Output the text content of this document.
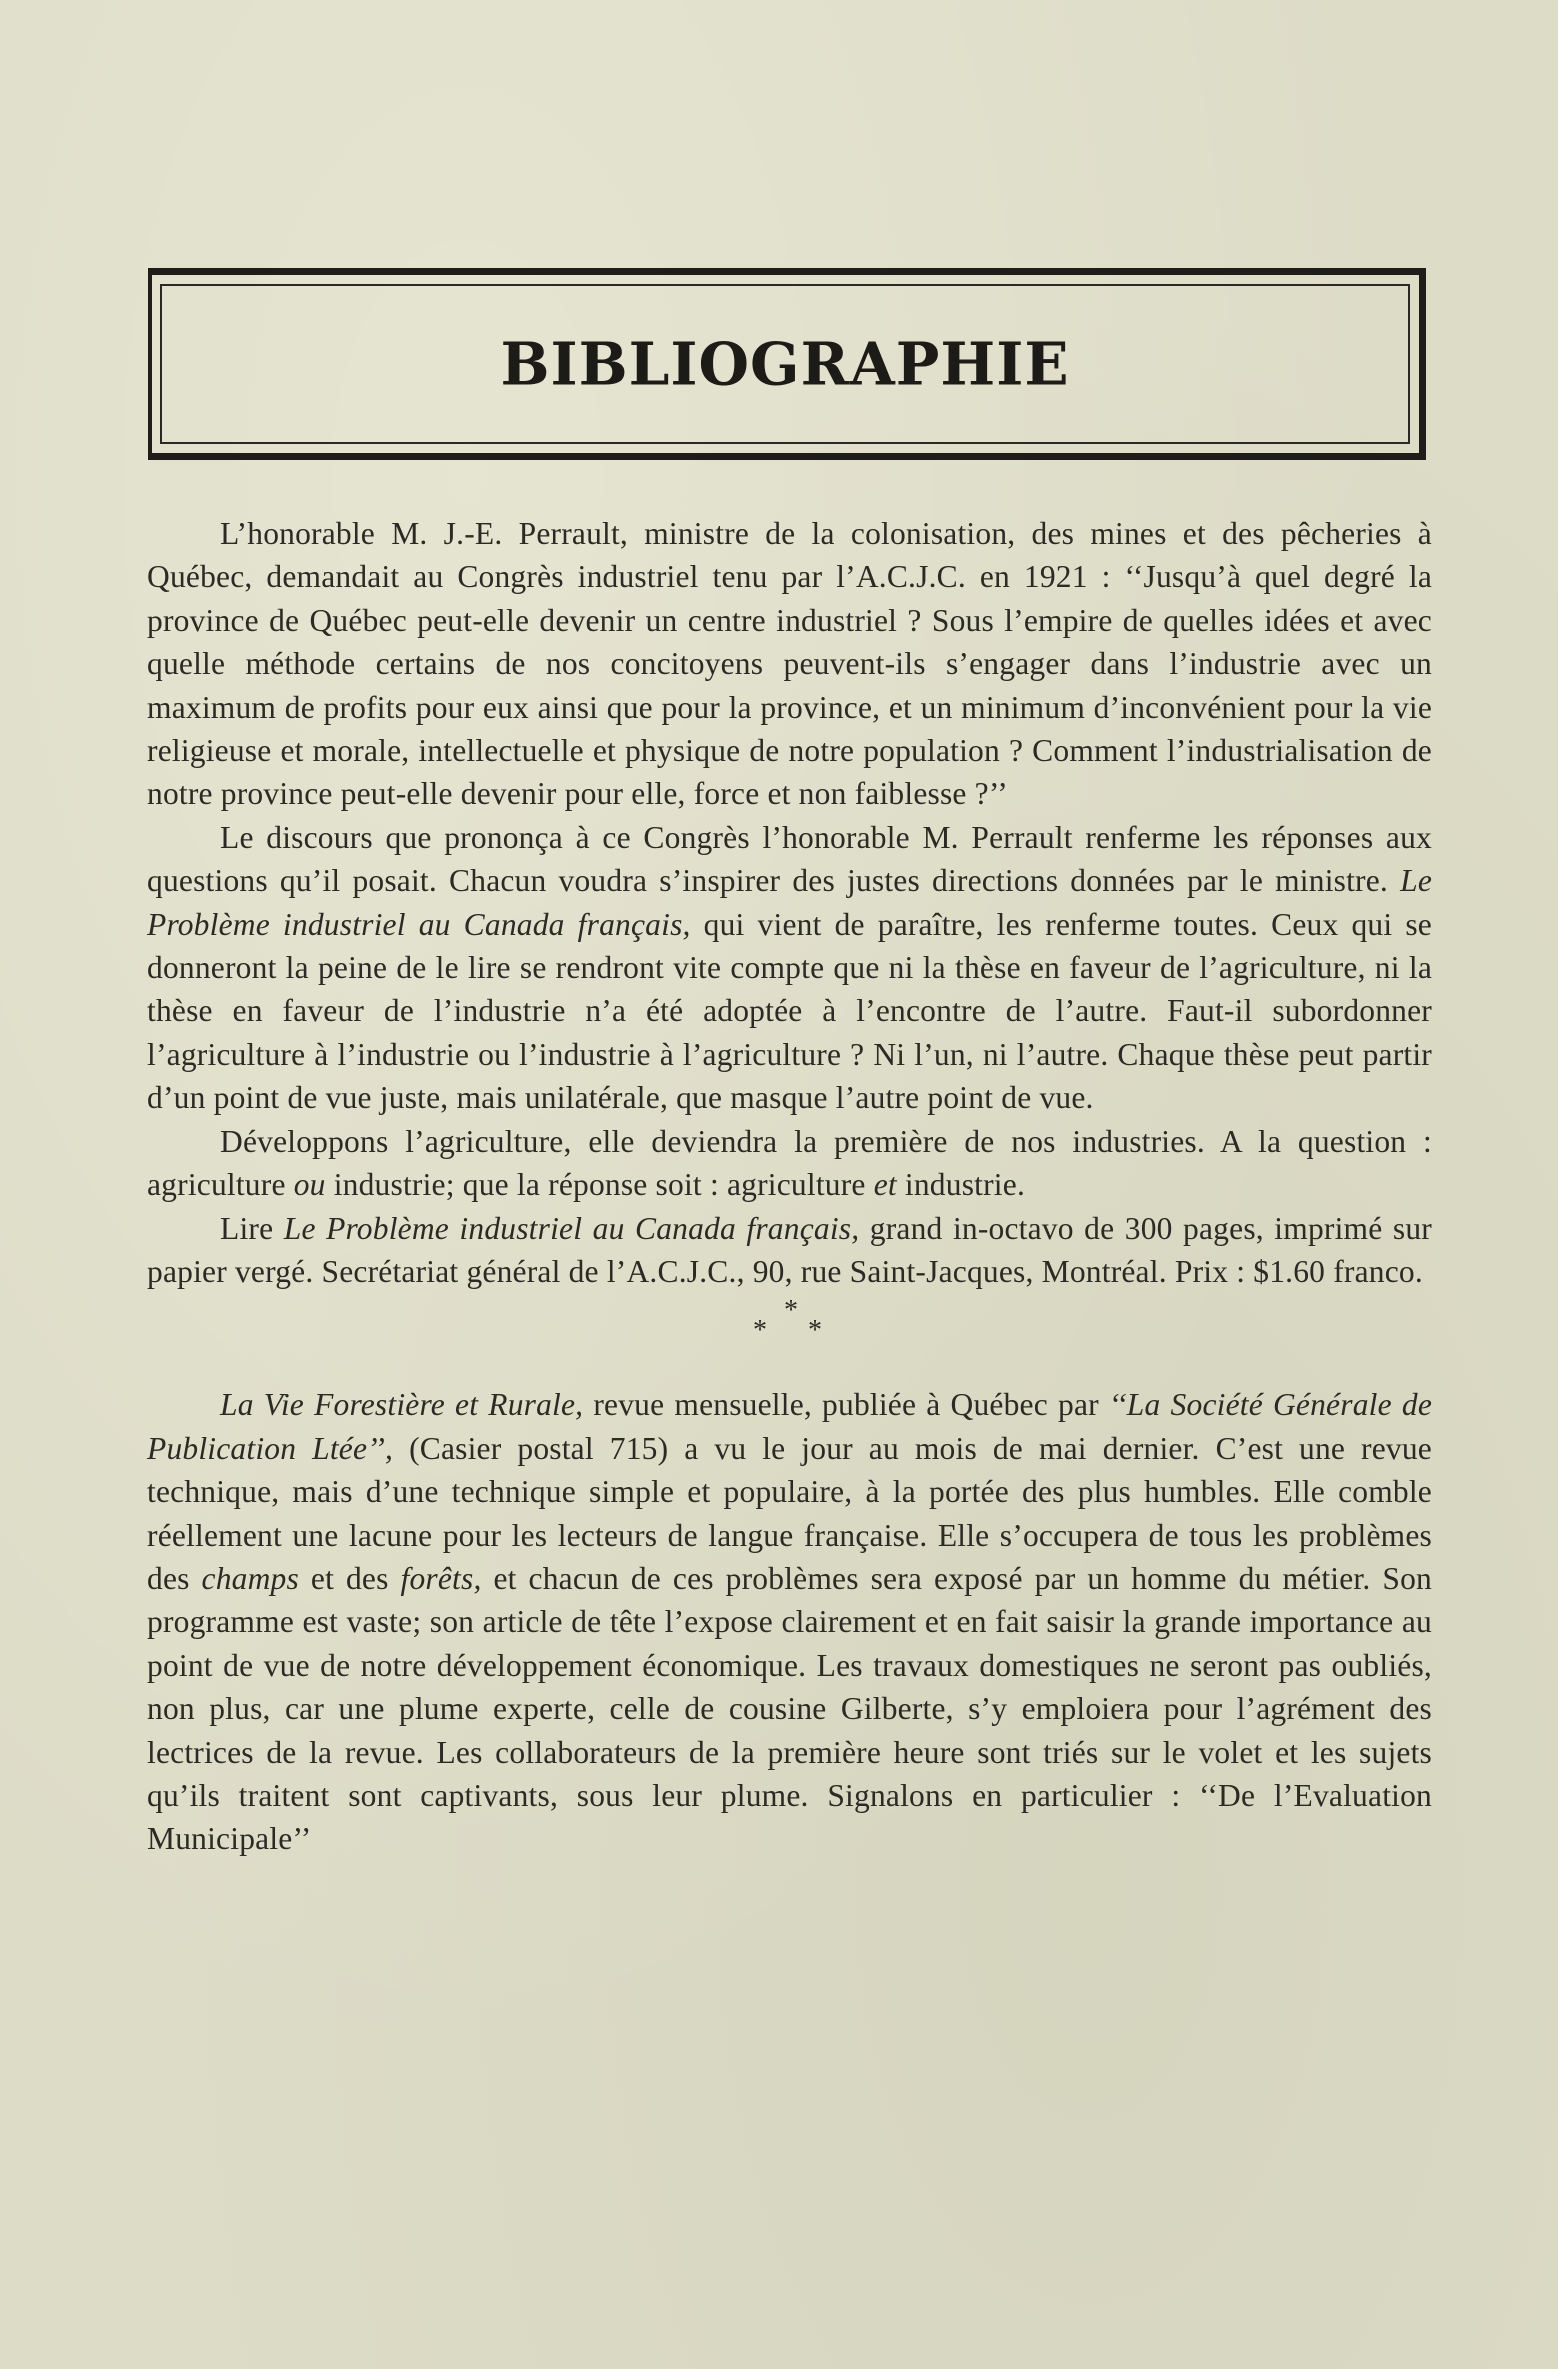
BIBLIOGRAPHIE

L’honorable M. J.-E. Perrault, ministre de la colonisation, des mines et des pêcheries à Québec, demandait au Congrès industriel tenu par l’A.C.J.C. en 1921 : ‘‘Jusqu’à quel degré la province de Québec peut-elle devenir un centre industriel ? Sous l’empire de quelles idées et avec quelle méthode certains de nos concitoyens peuvent-ils s’engager dans l’industrie avec un maximum de profits pour eux ainsi que pour la province, et un minimum d’inconvénient pour la vie religieuse et morale, intellectuelle et physique de notre population ? Comment l’industrialisation de notre province peut-elle devenir pour elle, force et non faiblesse ?’’

Le discours que prononça à ce Congrès l’honorable M. Perrault renferme les réponses aux questions qu’il posait. Chacun voudra s’inspirer des justes directions données par le ministre. Le Problème industriel au Canada français, qui vient de paraître, les renferme toutes. Ceux qui se donneront la peine de le lire se rendront vite compte que ni la thèse en faveur de l’agriculture, ni la thèse en faveur de l’industrie n’a été adoptée à l’encontre de l’autre. Faut-il subordonner l’agriculture à l’industrie ou l’industrie à l’agriculture ? Ni l’un, ni l’autre. Chaque thèse peut partir d’un point de vue juste, mais unilatérale, que masque l’autre point de vue.

Développons l’agriculture, elle deviendra la première de nos industries. A la question : agriculture ou industrie; que la réponse soit : agriculture et industrie.

Lire Le Problème industriel au Canada français, grand in-octavo de 300 pages, imprimé sur papier vergé. Secrétariat général de l’A.C.J.C., 90, rue Saint-Jacques, Montréal. Prix : $1.60 franco.

*
* *

La Vie Forestière et Rurale, revue mensuelle, publiée à Québec par ‘‘La Société Générale de Publication Ltée’’, (Casier postal 715) a vu le jour au mois de mai dernier. C’est une revue technique, mais d’une technique simple et populaire, à la portée des plus humbles. Elle comble réellement une lacune pour les lecteurs de langue française. Elle s’occupera de tous les problèmes des champs et des forêts, et chacun de ces problèmes sera exposé par un homme du métier. Son programme est vaste; son article de tête l’expose clairement et en fait saisir la grande importance au point de vue de notre développement économique. Les travaux domestiques ne seront pas oubliés, non plus, car une plume experte, celle de cousine Gilberte, s’y emploiera pour l’agrément des lectrices de la revue. Les collaborateurs de la première heure sont triés sur le volet et les sujets qu’ils traitent sont captivants, sous leur plume. Signalons en particulier : ‘‘De l’Evaluation Municipale’’
